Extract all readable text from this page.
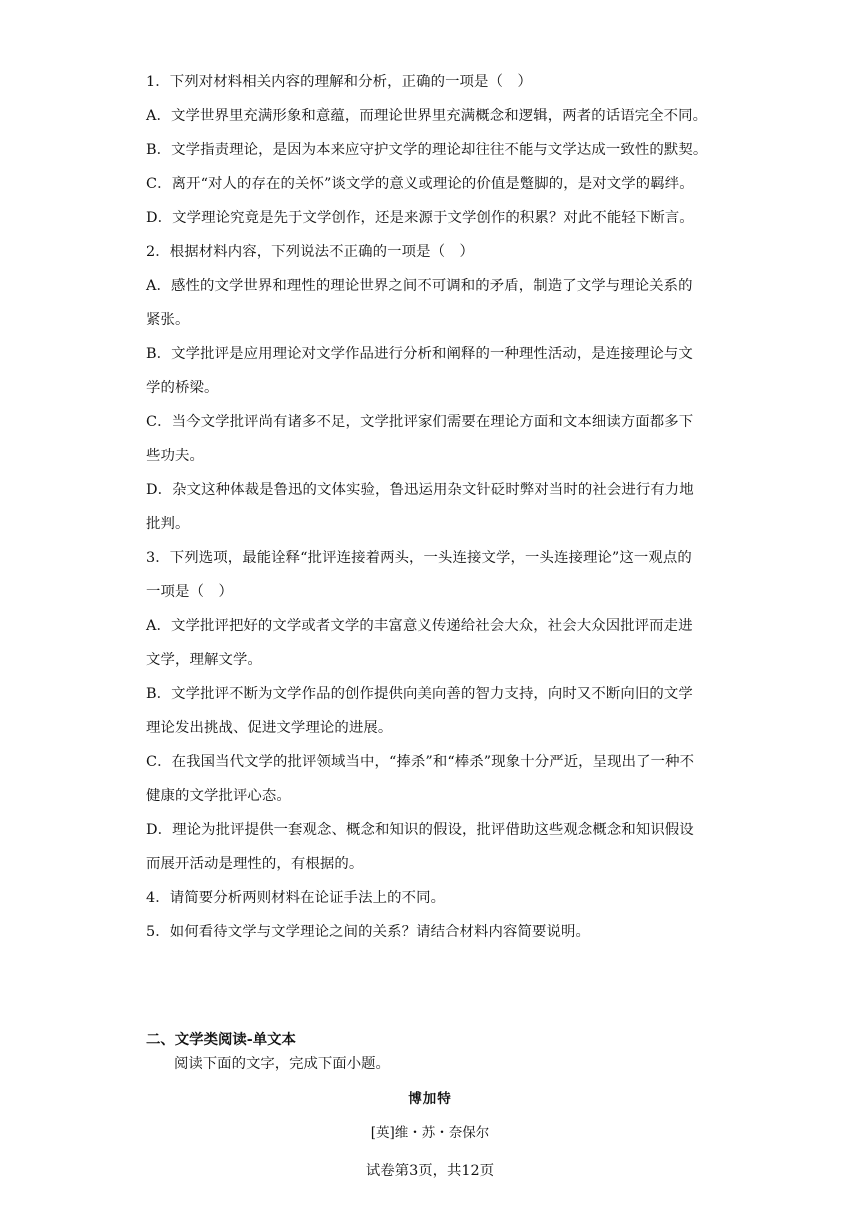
1．下列对材料相关内容的理解和分析，正确的一项是（　）
A．文学世界里充满形象和意蕴，而理论世界里充满概念和逻辑，两者的话语完全不同。
B．文学指责理论，是因为本来应守护文学的理论却往往不能与文学达成一致性的默契。
C．离开“对人的存在的关怀”谈文学的意义或理论的价值是蹩脚的，是对文学的羁绊。
D．文学理论究竟是先于文学创作，还是来源于文学创作的积累？对此不能轻下断言。
2．根据材料内容，下列说法不正确的一项是（　）
A．感性的文学世界和理性的理论世界之间不可调和的矛盾，制造了文学与理论关系的
紧张。
B．文学批评是应用理论对文学作品进行分析和阐释的一种理性活动，是连接理论与文
学的桥梁。
C．当今文学批评尚有诸多不足，文学批评家们需要在理论方面和文本细读方面都多下
些功夫。
D．杂文这种体裁是鲁迅的文体实验，鲁迅运用杂文针砭时弊对当时的社会进行有力地
批判。
3．下列选项，最能诠释“批评连接着两头，一头连接文学，一头连接理论”这一观点的
一项是（　）
A．文学批评把好的文学或者文学的丰富意义传递给社会大众，社会大众因批评而走进
文学，理解文学。
B．文学批评不断为文学作品的创作提供向美向善的智力支持，向时又不断向旧的文学
理论发出挑战、促进文学理论的进展。
C．在我国当代文学的批评领域当中，“捧杀”和“棒杀”现象十分严近，呈现出了一种不
健康的文学批评心态。
D．理论为批评提供一套观念、概念和知识的假设，批评借助这些观念概念和知识假设
而展开活动是理性的，有根据的。
4．请简要分析两则材料在论证手法上的不同。
5．如何看待文学与文学理论之间的关系？请结合材料内容简要说明。
二、文学类阅读-单文本
阅读下面的文字，完成下面小题。
博加特
[英]维・苏・奈保尔
试卷第3页，共12页
